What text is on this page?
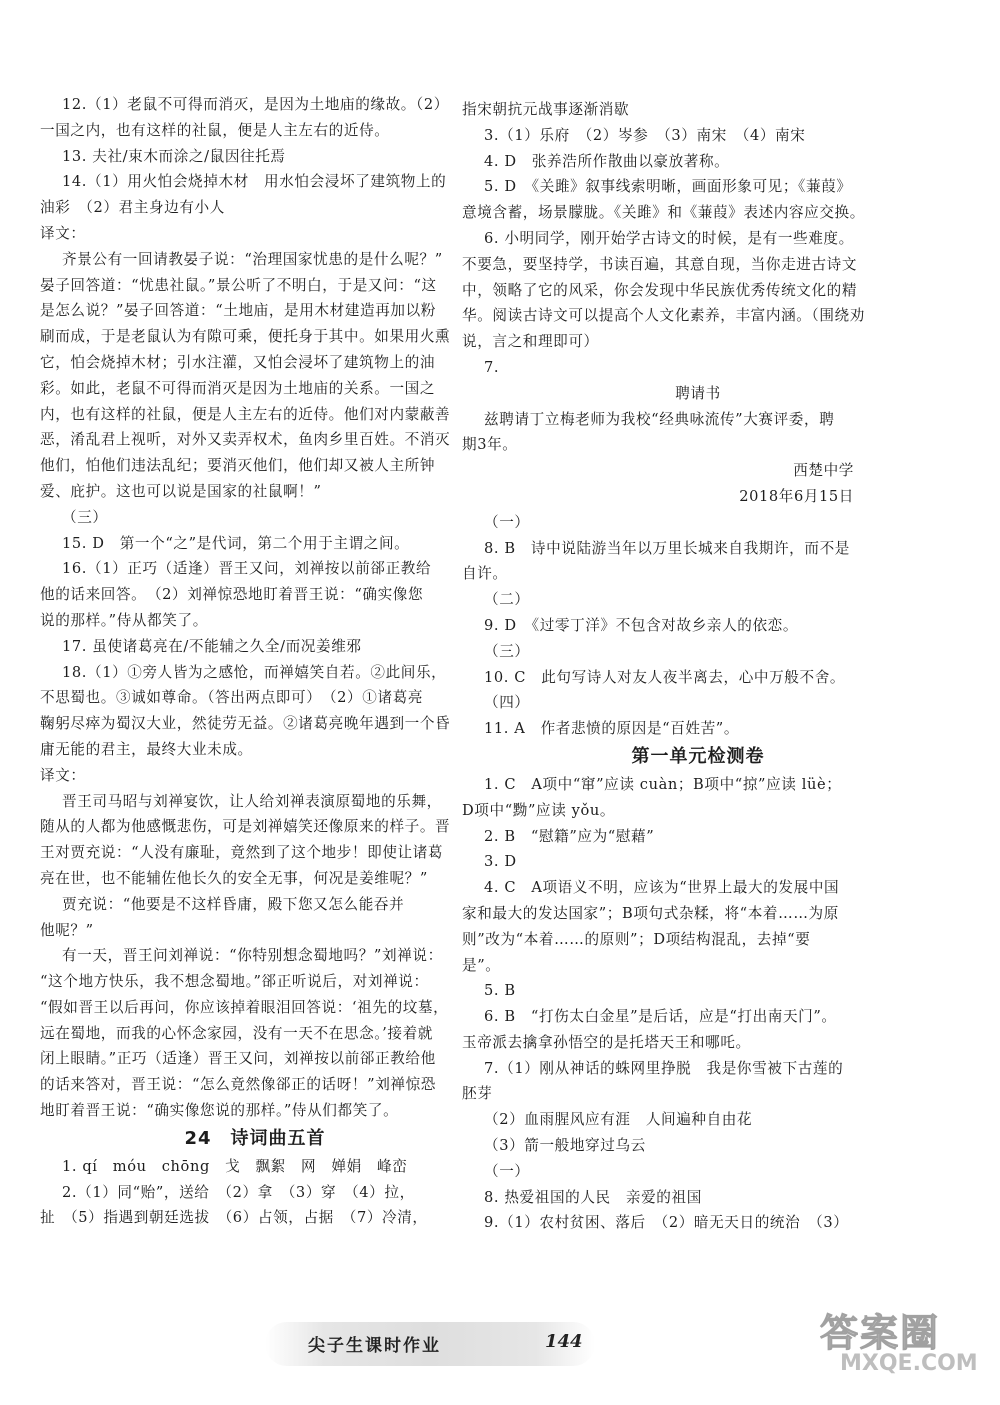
12.（1）老鼠不可得而消灭，是因为土地庙的缘故。（2）
一国之内，也有这样的社鼠，便是人主左右的近侍。
13. 夫社/束木而涂之/鼠因往托焉
14.（1）用火怕会烧掉木材　用水怕会浸坏了建筑物上的
油彩　（2）君主身边有小人
译文：
齐景公有一回请教晏子说：“治理国家忧患的是什么呢？”
晏子回答道：“忧患社鼠。”景公听了不明白，于是又问：“这
是怎么说？”晏子回答道：“土地庙，是用木材建造再加以粉
刷而成，于是老鼠认为有隙可乘，便托身于其中。如果用火熏
它，怕会烧掉木材；引水注灌，又怕会浸坏了建筑物上的油
彩。如此，老鼠不可得而消灭是因为土地庙的关系。一国之
内，也有这样的社鼠，便是人主左右的近侍。他们对内蒙蔽善
恶，淆乱君上视听，对外又卖弄权术，鱼肉乡里百姓。不消灭
他们，怕他们违法乱纪；要消灭他们，他们却又被人主所钟
爱、庇护。这也可以说是国家的社鼠啊！”
（三）
15. D　第一个“之”是代词，第二个用于主谓之间。
16.（1）正巧（适逢）晋王又问，刘禅按以前郤正教给
他的话来回答。　（2）刘禅惊恐地盯着晋王说：“确实像您
说的那样。”侍从都笑了。
17. 虽使诸葛亮在/不能辅之久全/而况姜维邪
18.（1）①旁人皆为之感怆，而禅嬉笑自若。②此间乐，
不思蜀也。③诚如尊命。（答出两点即可）　（2）①诸葛亮
鞠躬尽瘁为蜀汉大业，然徒劳无益。②诸葛亮晚年遇到一个昏
庸无能的君主，最终大业未成。
译文：
晋王司马昭与刘禅宴饮，让人给刘禅表演原蜀地的乐舞，
随从的人都为他感慨悲伤，可是刘禅嬉笑还像原来的样子。晋
王对贾充说：“人没有廉耻，竟然到了这个地步！即使让诸葛
亮在世，也不能辅佐他长久的安全无事，何况是姜维呢？”
贾充说：“他要是不这样昏庸，殿下您又怎么能吞并
他呢？”
有一天，晋王问刘禅说：“你特别想念蜀地吗？”刘禅说：
“这个地方快乐，我不想念蜀地。”郤正听说后，对刘禅说：
“假如晋王以后再问，你应该掉着眼泪回答说：‘祖先的坟墓，
远在蜀地，而我的心怀念家园，没有一天不在思念。’接着就
闭上眼睛。”正巧（适逢）晋王又问，刘禅按以前郤正教给他
的话来答对，晋王说：“怎么竟然像郤正的话呀！”刘禅惊恐
地盯着晋王说：“确实像您说的那样。”侍从们都笑了。
24　诗词曲五首
1. qí　móu　chōng　戈　飘絮　网　婵娟　峰峦
2.（1）同“贻”，送给　（2）拿　（3）穿　（4）拉，
扯　（5）指遇到朝廷选拔　（6）占领，占据　（7）冷清，
指宋朝抗元战事逐渐消歇
3.（1）乐府　（2）岑参　（3）南宋　（4）南宋
4. D　张养浩所作散曲以豪放著称。
5. D　《关雎》叙事线索明晰，画面形象可见；《蒹葭》
意境含蓄，场景朦胧。《关雎》和《蒹葭》表述内容应交换。
6. 小明同学，刚开始学古诗文的时候，是有一些难度。
不要急，要坚持学，书读百遍，其意自现，当你走进古诗文
中，领略了它的风采，你会发现中华民族优秀传统文化的精
华。阅读古诗文可以提高个人文化素养，丰富内涵。（围绕劝
说，言之和理即可）
7.
聘请书
兹聘请丁立梅老师为我校“经典咏流传”大赛评委，聘
期3年。
西楚中学
2018年6月15日
（一）
8. B　诗中说陆游当年以万里长城来自我期许，而不是
自许。
（二）
9. D　《过零丁洋》不包含对故乡亲人的依恋。
（三）
10. C　此句写诗人对友人夜半离去，心中万般不舍。
（四）
11. A　作者悲愤的原因是“百姓苦”。
第一单元检测卷
1. C　A项中“窜”应读 cuàn；B项中“掠”应读 lüè；
D项中“黝”应读 yǒu。
2. B　“慰籍”应为“慰藉”
3. D
4. C　A项语义不明，应该为“世界上最大的发展中国
家和最大的发达国家”；B项句式杂糅，将“本着……为原
则”改为“本着……的原则”；D项结构混乱，去掉“要
是”。
5. B
6. B　“打伤太白金星”是后话，应是“打出南天门”。
玉帝派去擒拿孙悟空的是托塔天王和哪吒。
7.（1）刚从神话的蛛网里挣脱　我是你雪被下古莲的
胚芽
（2）血雨腥风应有涯　人间遍种自由花
（3）箭一般地穿过乌云
（一）
8. 热爱祖国的人民　亲爱的祖国
9.（1）农村贫困、落后　（2）暗无天日的统治　（3）
尖子生课时作业	144	答案圈
MXQE.COM
